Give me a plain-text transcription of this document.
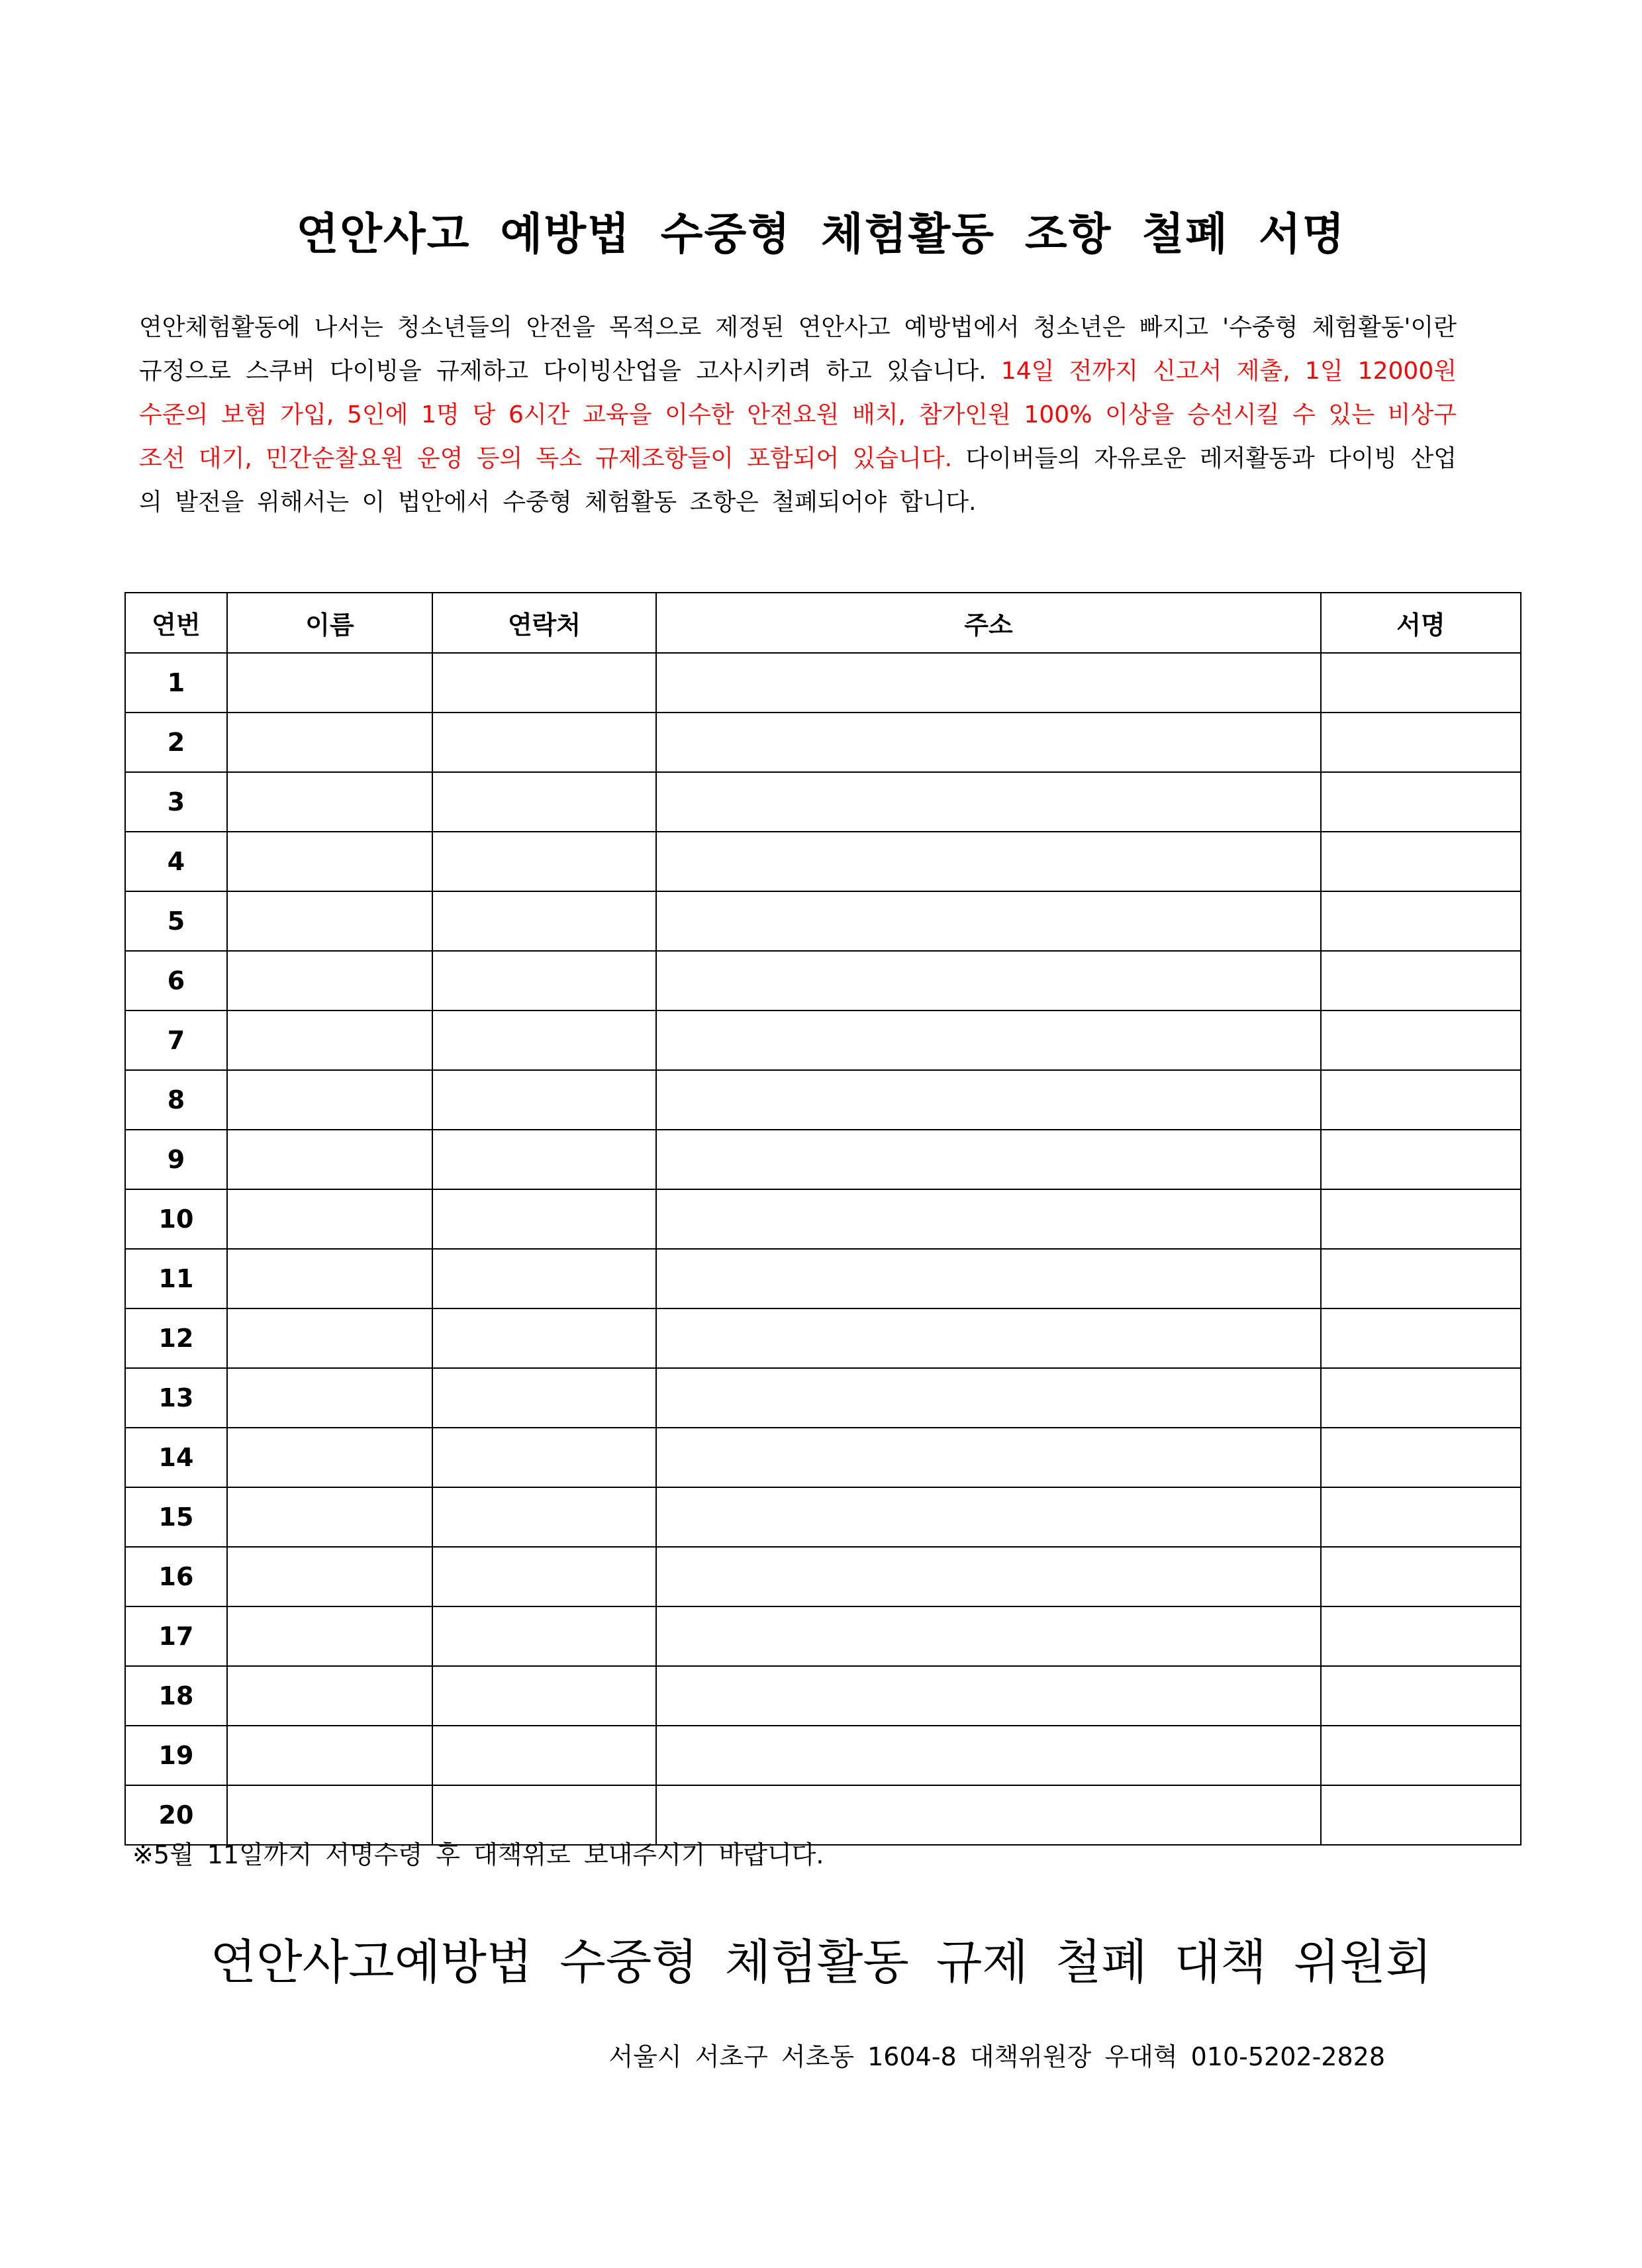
연안사고 예방법 수중형 체험활동 조항 철폐 서명
연안체험활동에 나서는 청소년들의 안전을 목적으로 제정된 연안사고 예방법에서 청소년은 빠지고 '수중형 체험활동'이란 규정으로 스쿠버 다이빙을 규제하고 다이빙산업을 고사시키려 하고 있습니다. 14일 전까지 신고서 제출, 1일 12000원 수준의 보험 가입, 5인에 1명 당 6시간 교육을 이수한 안전요원 배치, 참가인원 100% 이상을 승선시킬 수 있는 비상구조선 대기, 민간순찰요원 운영 등의 독소 규제조항들이 포함되어 있습니다. 다이버들의 자유로운 레저활동과 다이빙 산업의 발전을 위해서는 이 법안에서 수중형 체험활동 조항은 철폐되어야 합니다.
연번	이름	연락처	주소	서명
1				
2				
3				
4				
5				
6				
7				
8				
9				
10				
11				
12				
13				
14				
15				
16				
17				
18				
19				
20				
※5월 11일까지 서명수령 후 대책위로 보내주시기 바랍니다.
연안사고예방법 수중형 체험활동 규제 철폐 대책 위원회
서울시 서초구 서초동 1604-8 대책위원장 우대혁 010-5202-2828
